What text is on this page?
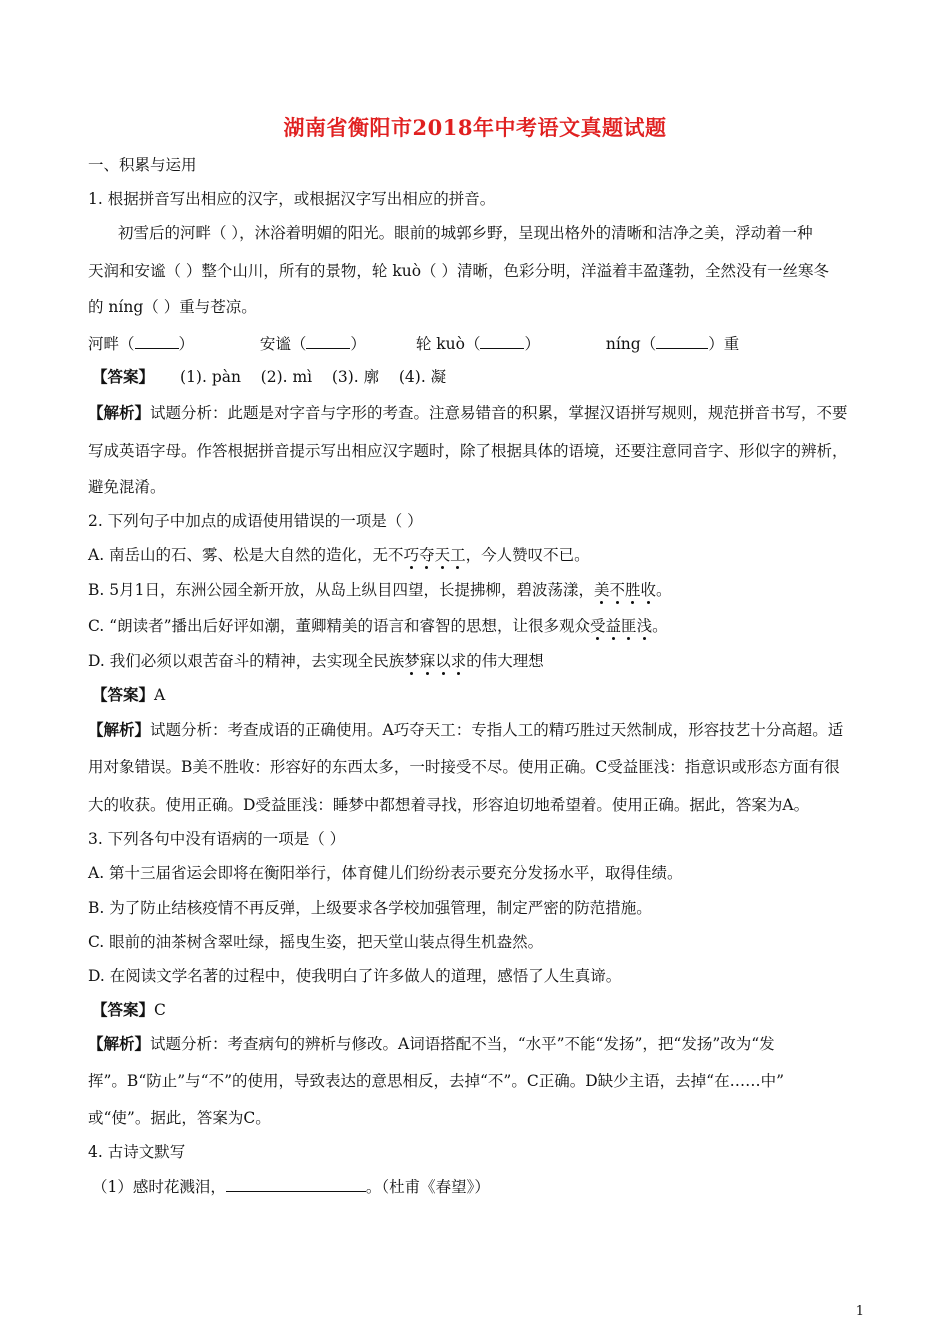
湖南省衡阳市2018年中考语文真题试题
一、积累与运用
1. 根据拼音写出相应的汉字，或根据汉字写出相应的拼音。
初雪后的河畔（ ），沐浴着明媚的阳光。眼前的城郭乡野，呈现出格外的清晰和洁净之美，浮动着一种
天润和安谧（ ）整个山川，所有的景物，轮 kuò（ ）清晰，色彩分明，洋溢着丰盈蓬勃，全然没有一丝寒冬
的 níng（ ）重与苍凉。
河畔（	）	安谧（	）	轮 kuò（	）	níng（	）重
【答案】 (1). pàn    (2). mì    (3). 廓    (4). 凝
【解析】试题分析：此题是对字音与字形的考查。注意易错音的积累，掌握汉语拼写规则，规范拼音书写，不要
写成英语字母。作答根据拼音提示写出相应汉字题时，除了根据具体的语境，还要注意同音字、形似字的辨析，
避免混淆。
2. 下列句子中加点的成语使用错误的一项是（ ）
A. 南岳山的石、雾、松是大自然的造化，无不巧夺天工，今人赞叹不已。
B. 5月1日，东洲公园全新开放，从岛上纵目四望，长提拂柳，碧波荡漾，美不胜收。
C. “朗读者”播出后好评如潮，董卿精美的语言和睿智的思想，让很多观众受益匪浅。
D. 我们必须以艰苦奋斗的精神，去实现全民族梦寐以求的伟大理想
【答案】A
【解析】试题分析：考查成语的正确使用。A巧夺天工：专指人工的精巧胜过天然制成，形容技艺十分高超。适
用对象错误。B美不胜收：形容好的东西太多，一时接受不尽。使用正确。C受益匪浅：指意识或形态方面有很
大的收获。使用正确。D受益匪浅：睡梦中都想着寻找，形容迫切地希望着。使用正确。据此，答案为A。
3. 下列各句中没有语病的一项是（ ）
A. 第十三届省运会即将在衡阳举行，体育健儿们纷纷表示要充分发扬水平，取得佳绩。
B. 为了防止结核疫情不再反弹，上级要求各学校加强管理，制定严密的防范措施。
C. 眼前的油茶树含翠吐绿，摇曳生姿，把天堂山装点得生机盎然。
D. 在阅读文学名著的过程中，使我明白了许多做人的道理，感悟了人生真谛。
【答案】C
【解析】试题分析：考查病句的辨析与修改。A词语搭配不当，“水平”不能“发扬”，把“发扬”改为“发
挥”。B“防止”与“不”的使用，导致表达的意思相反，去掉“不”。C正确。D缺少主语，去掉“在……中”
或“使”。据此，答案为C。
4. 古诗文默写
（1）感时花溅泪，	。（杜甫《春望》）
1
